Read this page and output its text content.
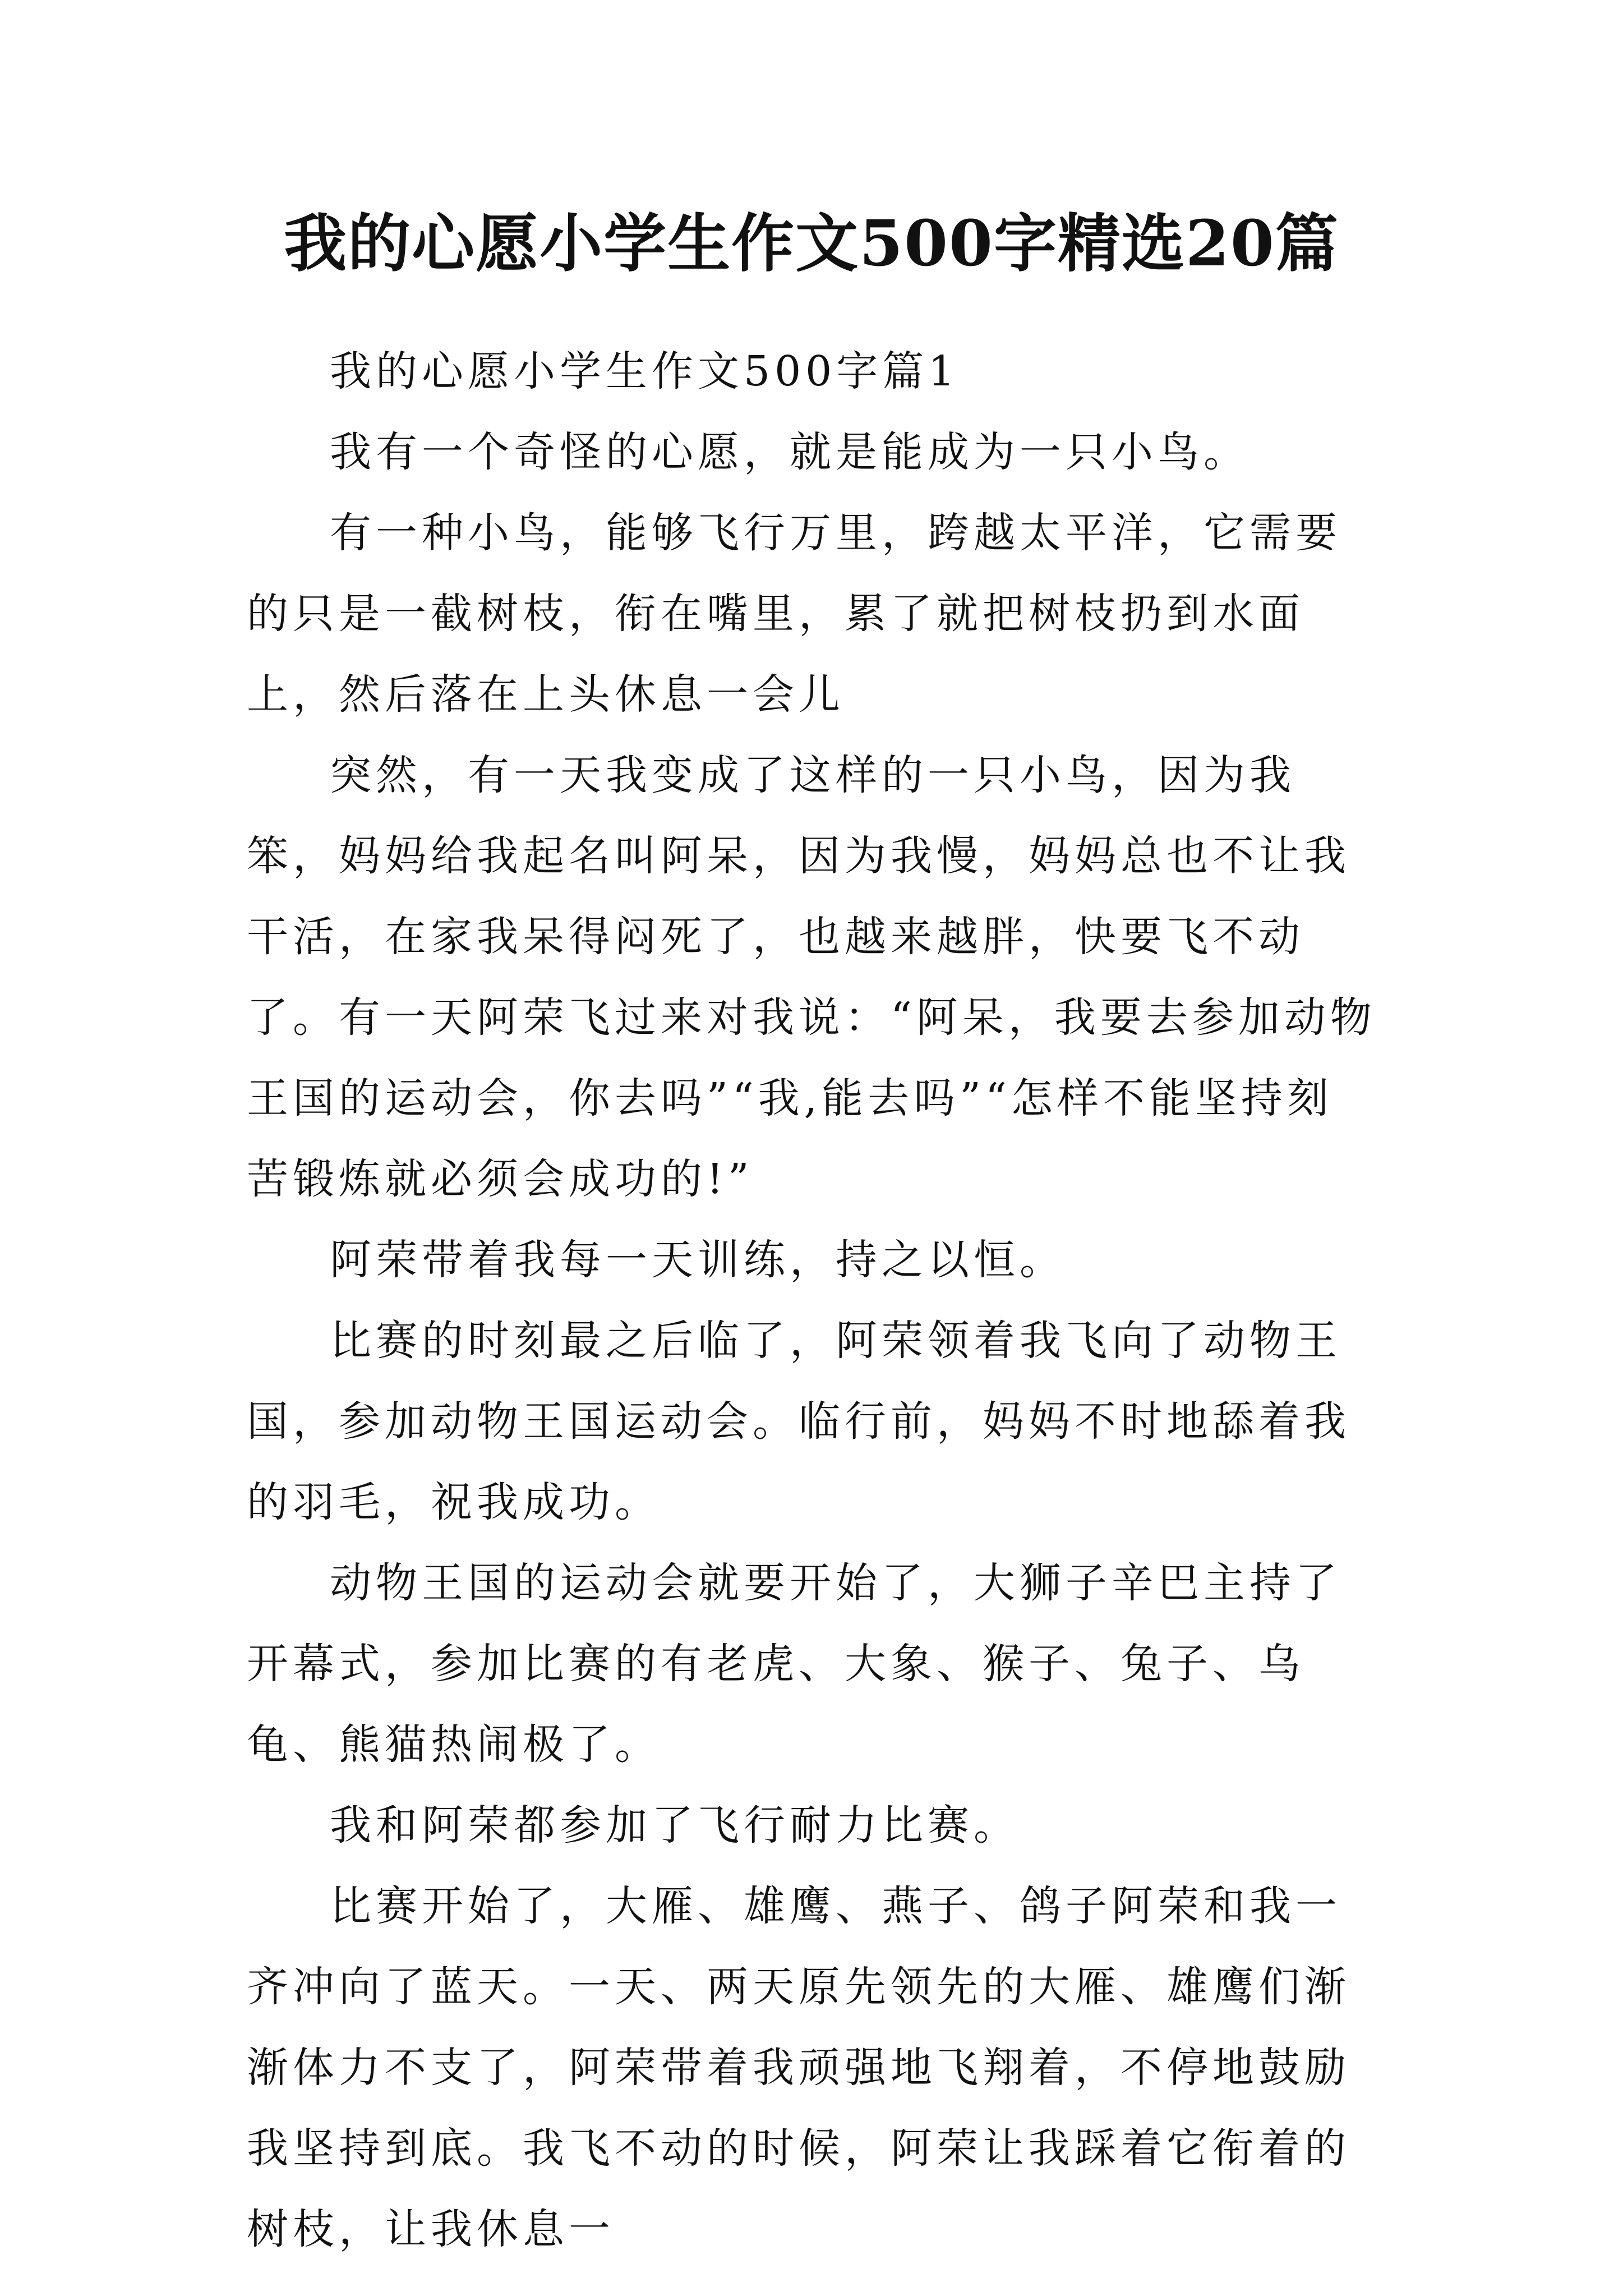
我的心愿小学生作文500字精选20篇

我的心愿小学生作文500字篇1

我有一个奇怪的心愿，就是能成为一只小鸟。

有一种小鸟，能够飞行万里，跨越太平洋，它需要的只是一截树枝，衔在嘴里，累了就把树枝扔到水面上，然后落在上头休息一会儿

突然，有一天我变成了这样的一只小鸟，因为我笨，妈妈给我起名叫阿呆，因为我慢，妈妈总也不让我干活，在家我呆得闷死了，也越来越胖，快要飞不动了。有一天阿荣飞过来对我说：“阿呆，我要去参加动物王国的运动会，你去吗”“我,能去吗”“怎样不能坚持刻苦锻炼就必须会成功的!”

阿荣带着我每一天训练，持之以恒。

比赛的时刻最之后临了，阿荣领着我飞向了动物王国，参加动物王国运动会。临行前，妈妈不时地舔着我的羽毛，祝我成功。

动物王国的运动会就要开始了，大狮子辛巴主持了开幕式，参加比赛的有老虎、大象、猴子、兔子、乌龟、熊猫热闹极了。

我和阿荣都参加了飞行耐力比赛。

比赛开始了，大雁、雄鹰、燕子、鸽子阿荣和我一齐冲向了蓝天。一天、两天原先领先的大雁、雄鹰们渐渐体力不支了，阿荣带着我顽强地飞翔着，不停地鼓励我坚持到底。我飞不动的时候，阿荣让我踩着它衔着的树枝，让我休息一
